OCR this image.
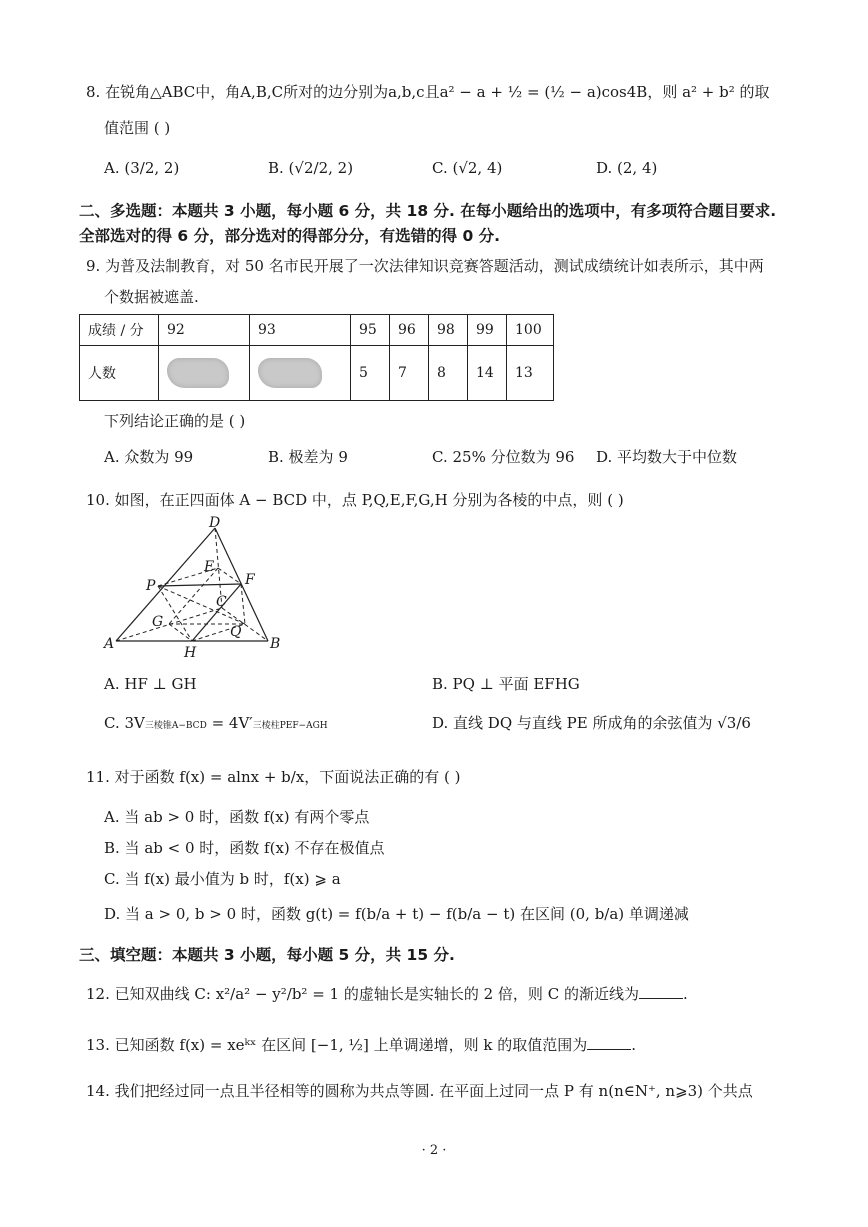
8. 在锐角△ABC中，角A,B,C所对的边分别为a,b,c且a² − a + ½ = (½ − a)cos4B，则 a² + b² 的取
值范围 ( )
A. (3/2, 2)	B. (√2/2, 2)	C. (√2, 4)	D. (2, 4)
二、多选题：本题共 3 小题，每小题 6 分，共 18 分. 在每小题给出的选项中，有多项符合题目要求.
全部选对的得 6 分，部分选对的得部分分，有选错的得 0 分.
9. 为普及法制教育，对 50 名市民开展了一次法律知识竞赛答题活动，测试成绩统计如表所示，其中两
个数据被遮盖.
成绩 / 分	92	93	95	96	98	99	100
人数			5	7	8	14	13
下列结论正确的是 ( )
A. 众数为 99	B. 极差为 9	C. 25% 分位数为 96 D. 平均数大于中位数
10. 如图，在正四面体 A − BCD 中，点 P,Q,E,F,G,H 分别为各棱的中点，则 ( )
D
E
P	F
C
G
Q
A	B
H
A. HF ⊥ GH	B. PQ ⊥ 平面 EFHG
C. 3V三棱锥A−BCD = 4V′三棱柱PEF−AGH	D. 直线 DQ 与直线 PE 所成角的余弦值为 √3/6
11. 对于函数 f(x) = alnx + b/x，下面说法正确的有 ( )
A. 当 ab > 0 时，函数 f(x) 有两个零点
B. 当 ab < 0 时，函数 f(x) 不存在极值点
C. 当 f(x) 最小值为 b 时，f(x) ⩾ a
D. 当 a > 0, b > 0 时，函数 g(t) = f(b/a + t) − f(b/a − t) 在区间 (0, b/a) 单调递减
三、填空题：本题共 3 小题，每小题 5 分，共 15 分.
12. 已知双曲线 C: x²/a² − y²/b² = 1 的虚轴长是实轴长的 2 倍，则 C 的渐近线为	.
13. 已知函数 f(x) = xeᵏˣ 在区间 [−1, ½] 上单调递增，则 k 的取值范围为	.
14. 我们把经过同一点且半径相等的圆称为共点等圆. 在平面上过同一点 P 有 n(n∈N⁺, n⩾3) 个共点
· 2 ·
